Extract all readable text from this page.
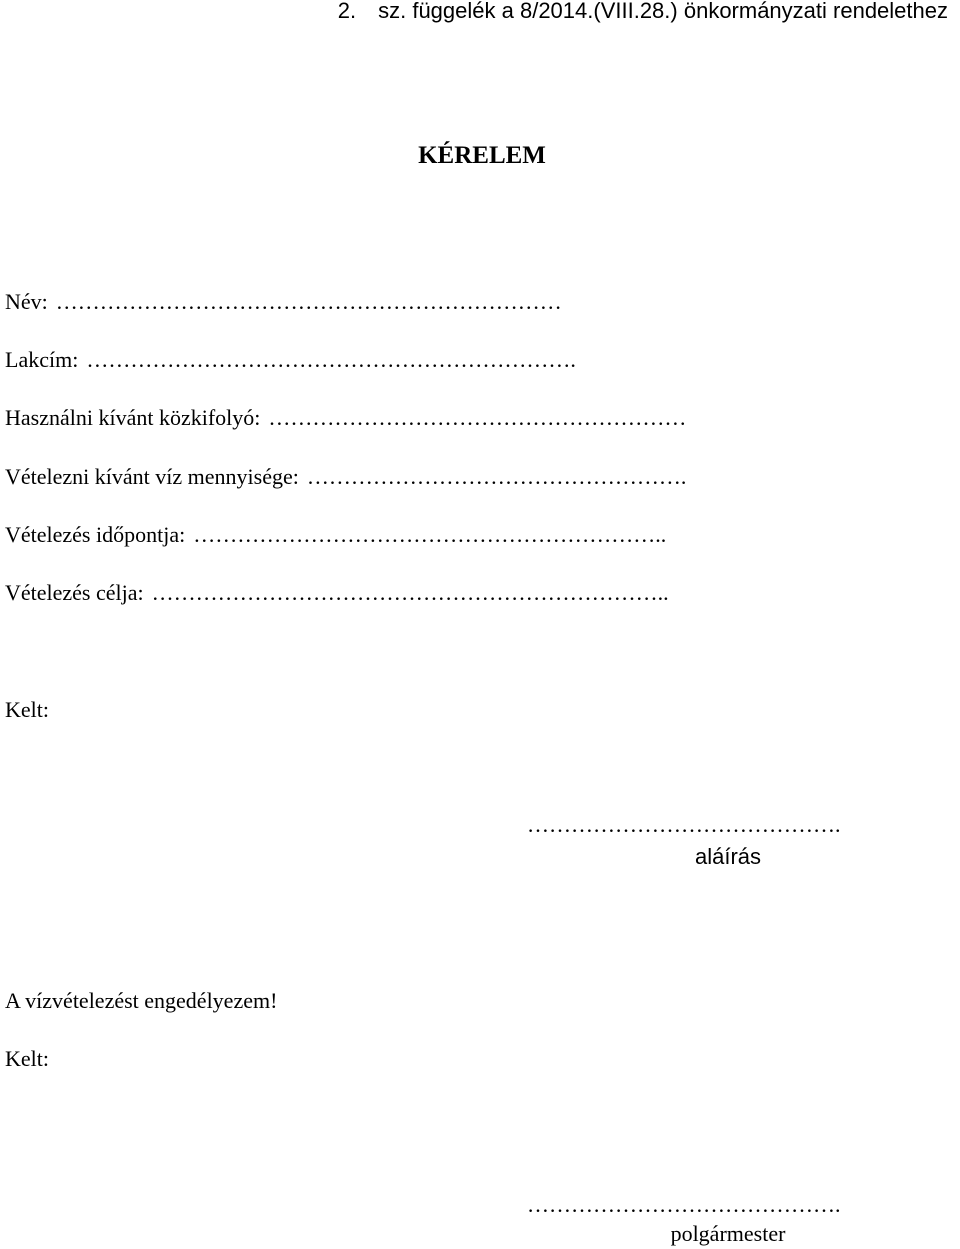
2. sz. függelék a 8/2014.(VIII.28.) önkormányzati rendelethez
KÉRELEM
Név: ……………………………………………………………
Lakcím: ………………………………………………………….
Használni kívánt közkifolyó: …………………………………………………
Vételezni kívánt víz mennyisége: …………………………………………….
Vételezés időpontja: ………………………………………………………..
Vételezés célja: ……………………………………………………………..
Kelt:
…………………………………….
aláírás
A vízvételezést engedélyezem!
Kelt:
…………………………………….
polgármester
